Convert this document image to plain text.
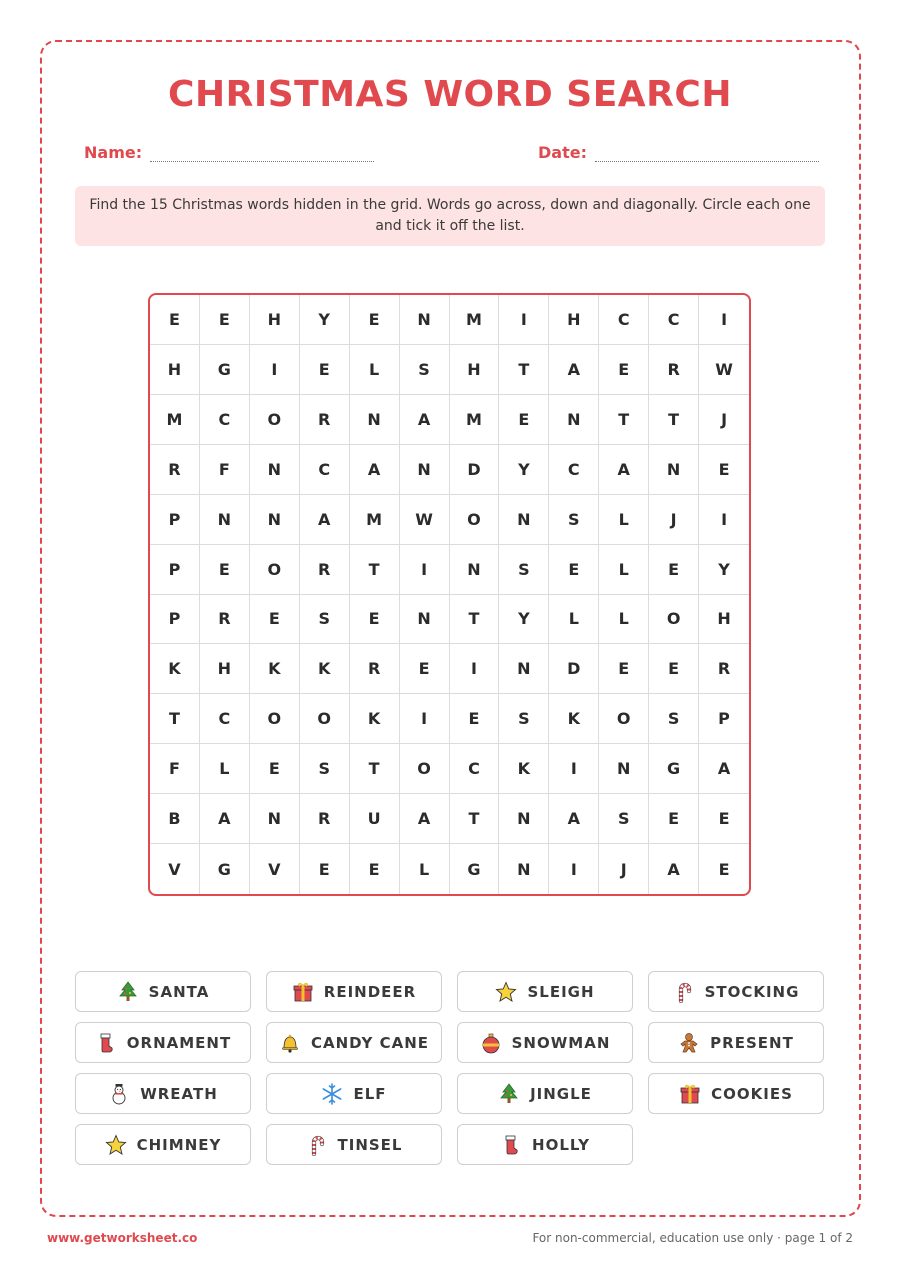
CHRISTMAS WORD SEARCH
Name:	Date:
Find the 15 Christmas words hidden in the grid. Words go across, down and diagonally. Circle each one and tick it off the list.
E	E	H	Y	E	N	M	I	H	C	C	I
H	G	I	E	L	S	H	T	A	E	R	W
M	C	O	R	N	A	M	E	N	T	T	J
R	F	N	C	A	N	D	Y	C	A	N	E
P	N	N	A	M	W	O	N	S	L	J	I
P	E	O	R	T	I	N	S	E	L	E	Y
P	R	E	S	E	N	T	Y	L	L	O	H
K	H	K	K	R	E	I	N	D	E	E	R
T	C	O	O	K	I	E	S	K	O	S	P
F	L	E	S	T	O	C	K	I	N	G	A
B	A	N	R	U	A	T	N	A	S	E	E
V	G	V	E	E	L	G	N	I	J	A	E
SANTA	REINDEER	SLEIGH	STOCKING
ORNAMENT	CANDY CANE	SNOWMAN	PRESENT
WREATH	ELF	JINGLE	COOKIES
CHIMNEY	TINSEL	HOLLY
www.getworksheet.co	For non-commercial, education use only · page 1 of 2
